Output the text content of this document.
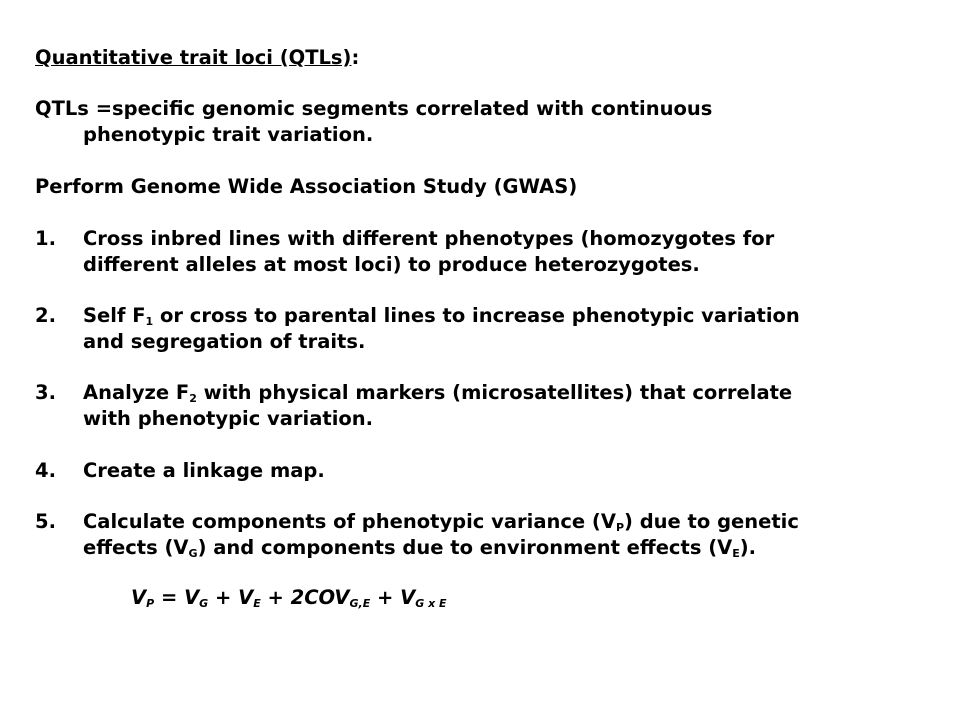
Quantitative trait loci (QTLs):
QTLs =specific genomic segments correlated with continuous
phenotypic trait variation.
Perform Genome Wide Association Study (GWAS)
1. Cross inbred lines with different phenotypes (homozygotes for
different alleles at most loci) to produce heterozygotes.
2. Self $F_1$ or cross to parental lines to increase phenotypic variation
and segregation of traits.
3. Analyze $F_2$ with physical markers (microsatellites) that correlate
with phenotypic variation.
4. Create a linkage map.
5. Calculate components of phenotypic variance $(V_P)$ due to genetic
effects $(V_G)$ and components due to environment effects $(V_E)$.
$V_P = V_G + V_E + 2COV_{G,E} + V_{G x E}$
